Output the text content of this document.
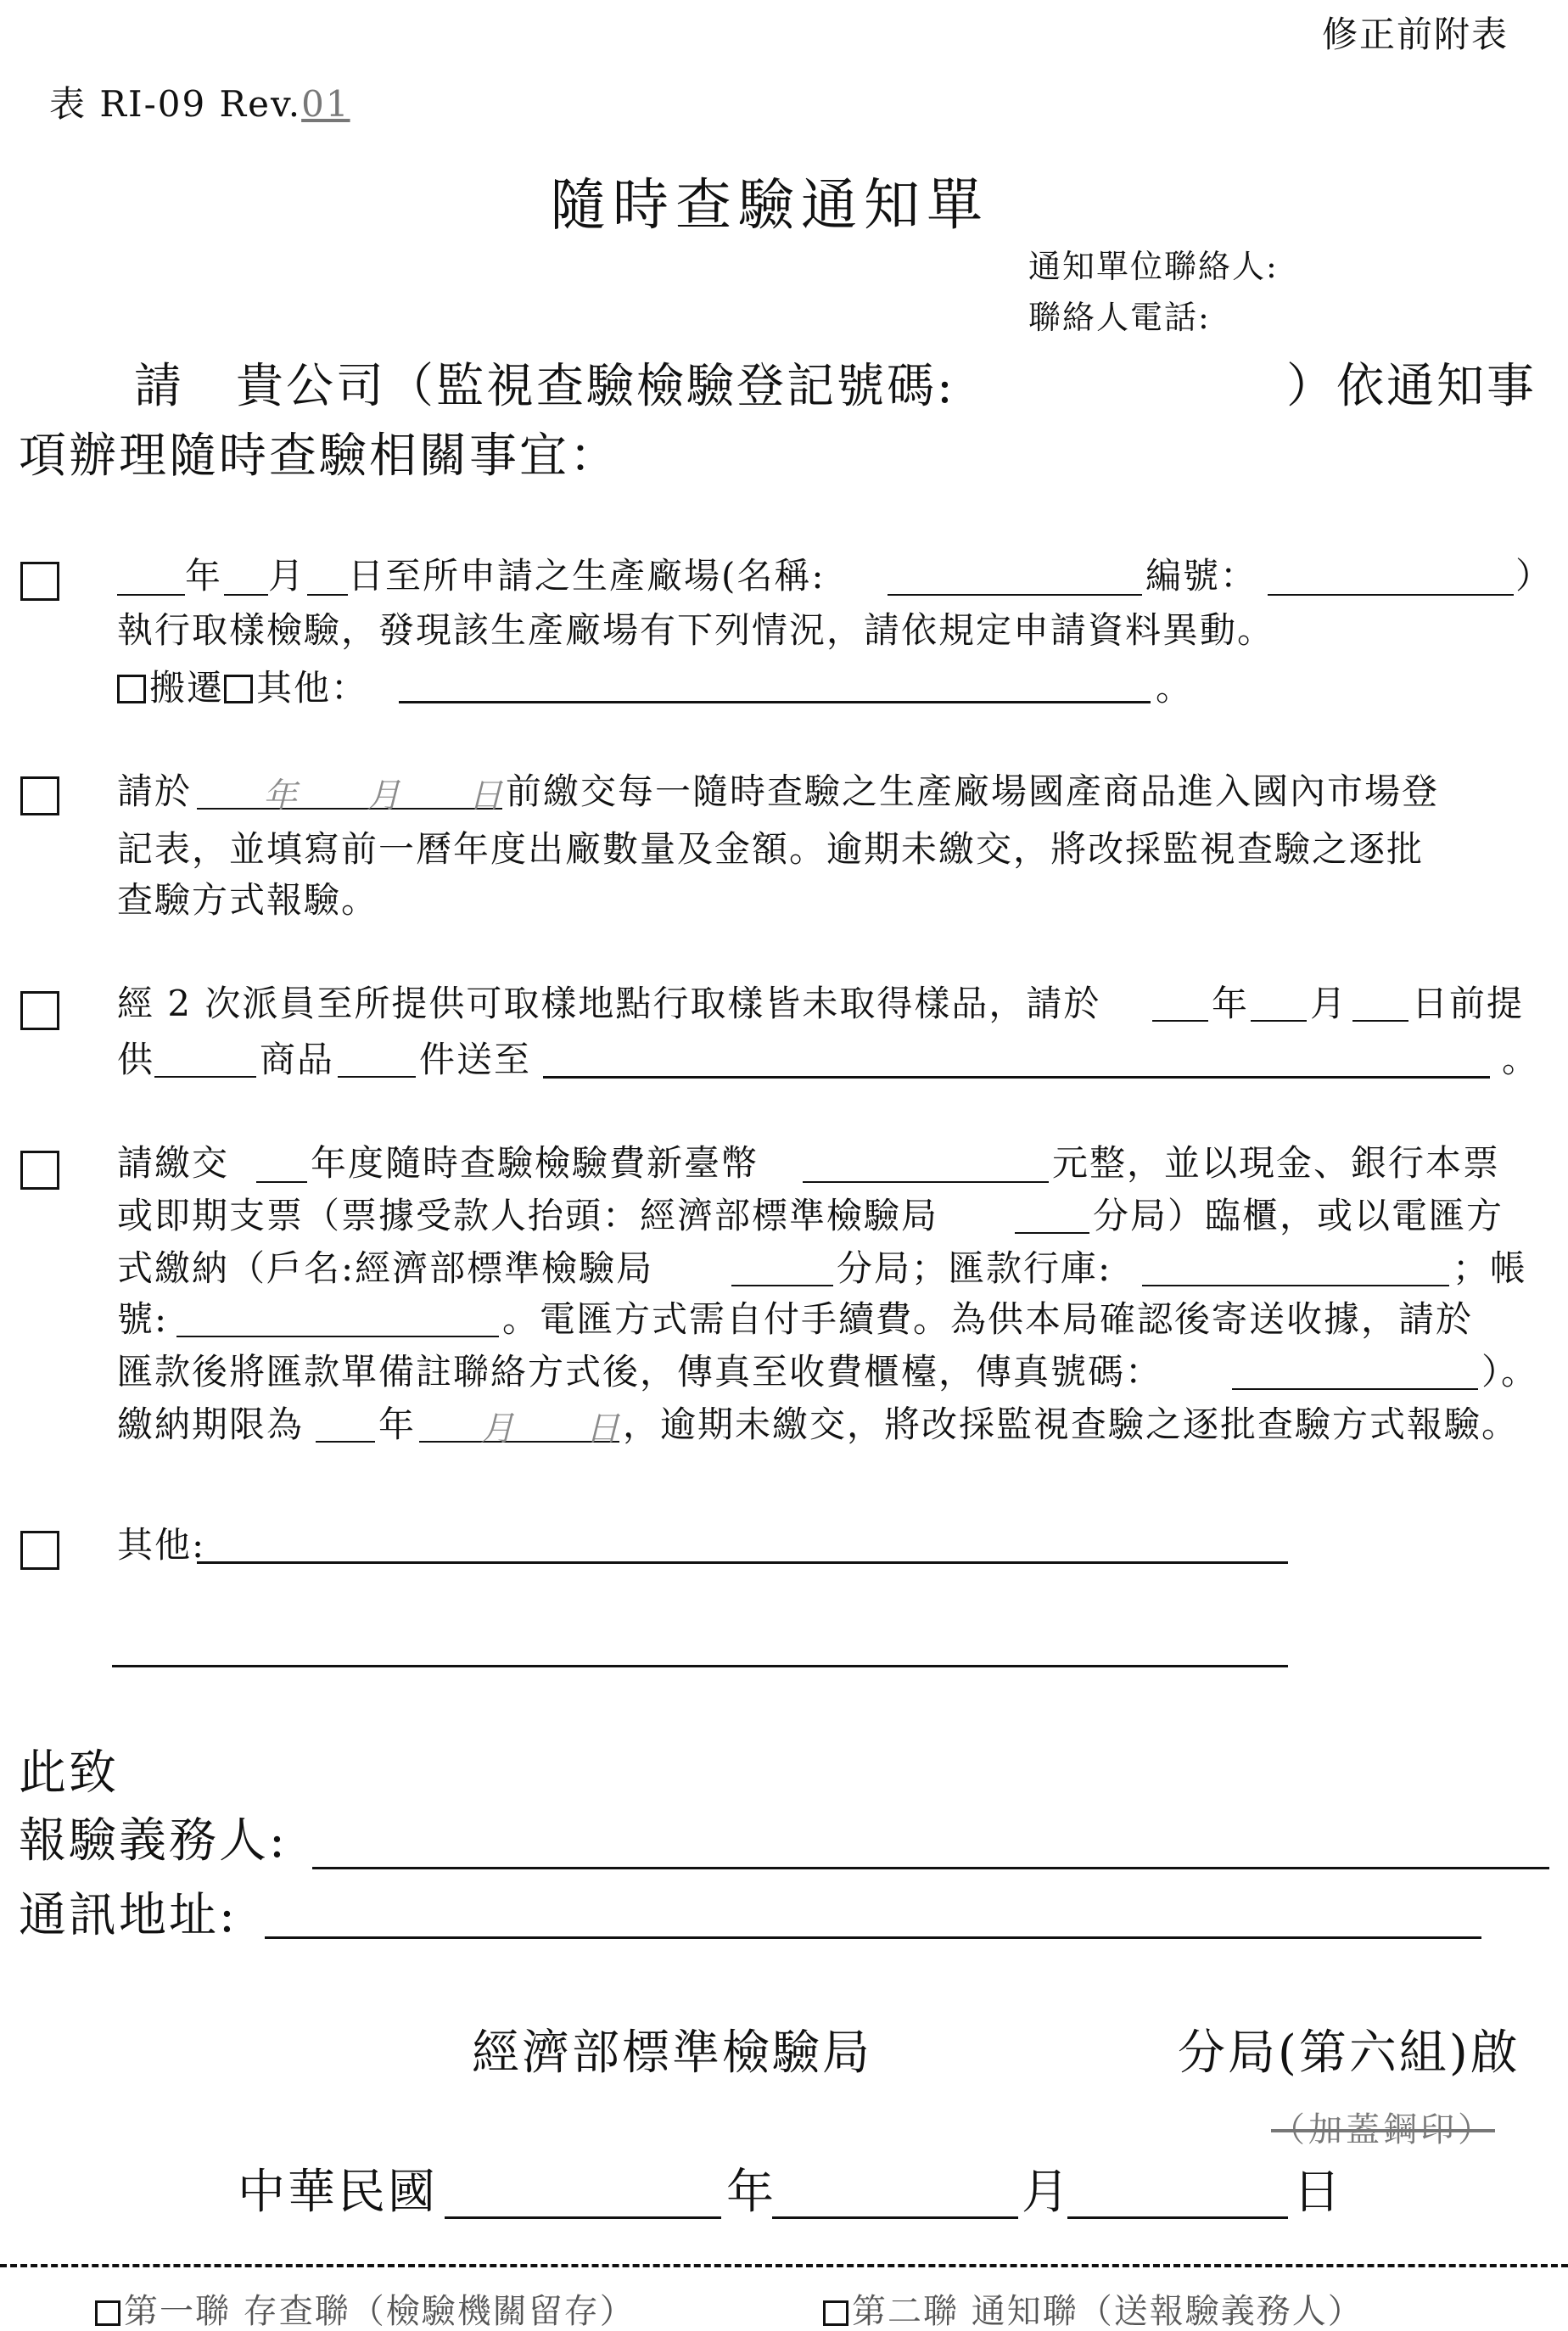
修正前附表
表 RI-09 Rev.01
隨時查驗通知單
通知單位聯絡人:
聯絡人電話:
請 貴公司（監視查驗檢驗登記號碼:	）依通知事
項辦理隨時查驗相關事宜：
年 月 日至所申請之生產廠場(名稱:	編號：	）
執行取樣檢驗，發現該生產廠場有下列情況，請依規定申請資料異動。
搬遷 其他：	。
請於 年 月 日 前繳交每一隨時查驗之生產廠場國產商品進入國內市場登
記表，並填寫前一曆年度出廠數量及金額。逾期未繳交，將改採監視查驗之逐批
查驗方式報驗。
經 2 次派員至所提供可取樣地點行取樣皆未取得樣品，請於	年 月 日前提
供	商品 件送至	。
請繳交 年度隨時查驗檢驗費新臺幣	元整，並以現金、銀行本票
或即期支票（票據受款人抬頭：經濟部標準檢驗局	分局）臨櫃，或以電匯方
式繳納（戶名:經濟部標準檢驗局	分局；匯款行庫:	；帳
號:	。電匯方式需自付手續費。為供本局確認後寄送收據，請於
匯款後將匯款單備註聯絡方式後，傳真至收費櫃檯，傳真號碼：	）。
繳納期限為 年 月 日 ，逾期未繳交，將改採監視查驗之逐批查驗方式報驗。
其他:
此致
報驗義務人:
通訊地址:
經濟部標準檢驗局	分局(第六組)啟
（加蓋鋼印）
中華民國	年	月	日
第一聯 存查聯（檢驗機關留存）	第二聯 通知聯（送報驗義務人）
